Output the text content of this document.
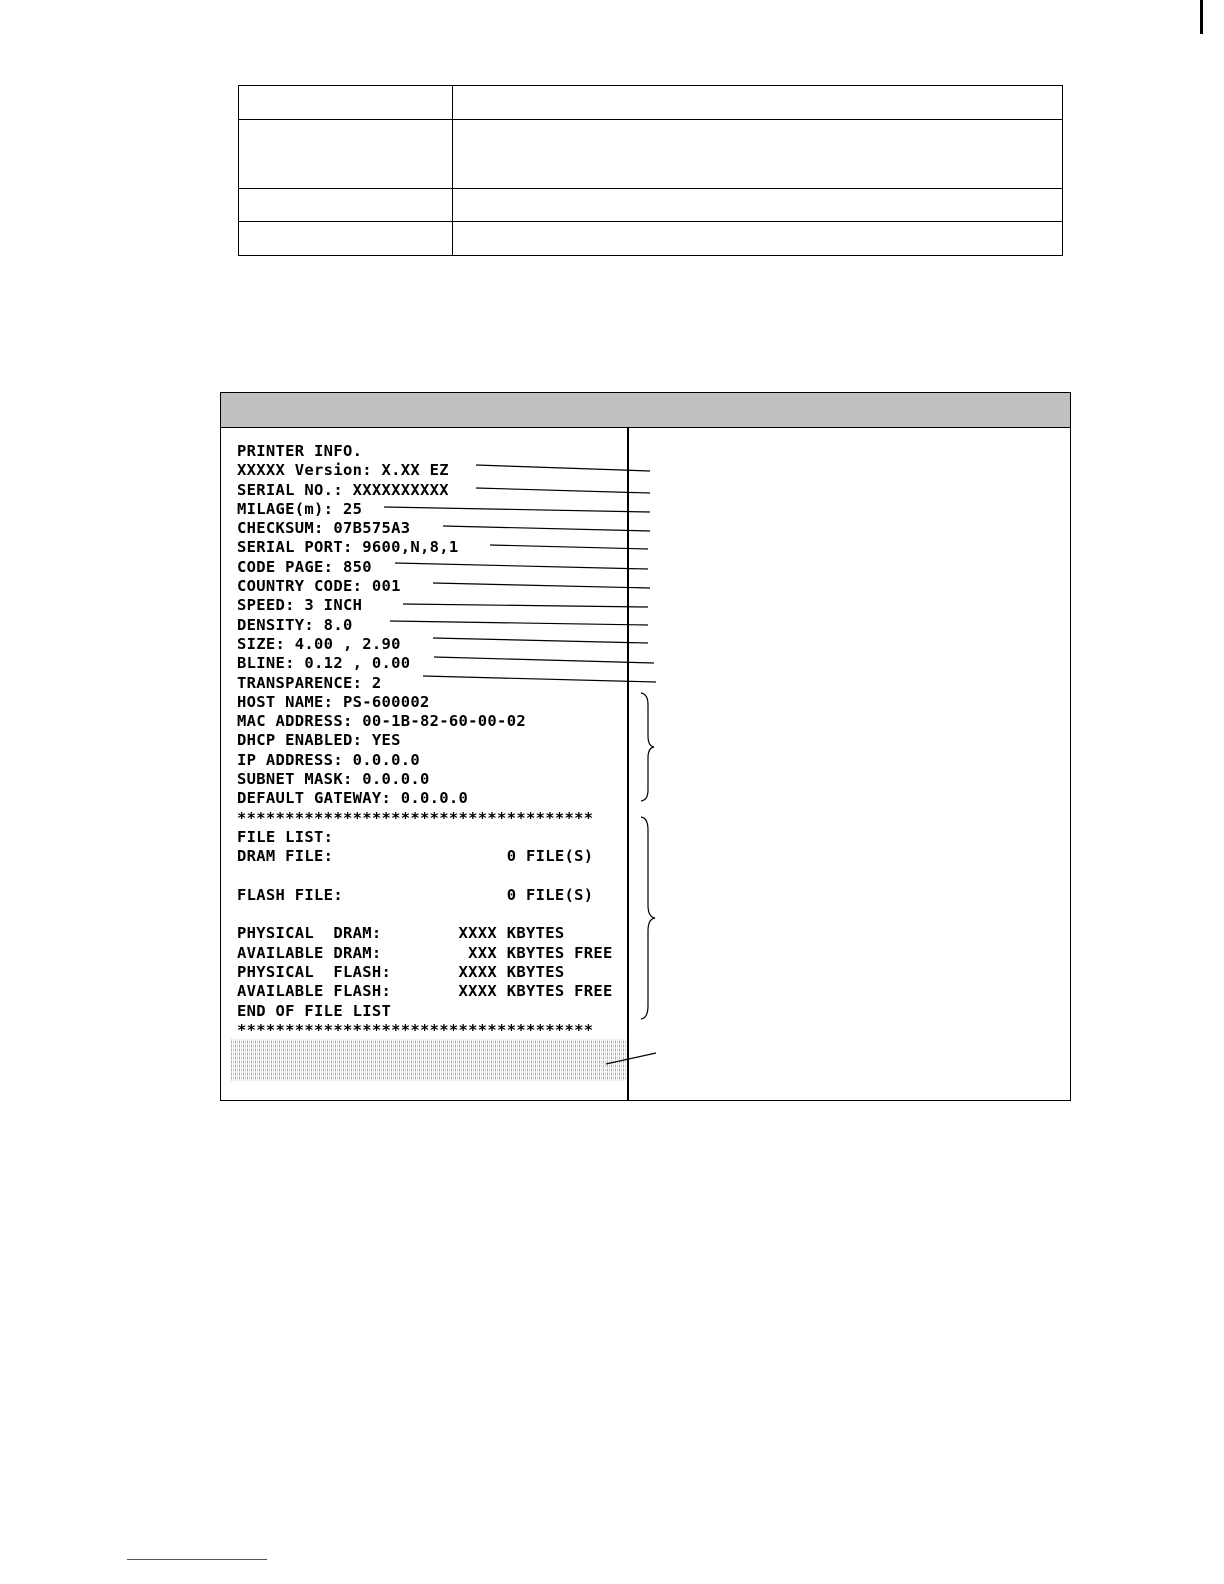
PRINTER INFO.
XXXXX Version: X.XX EZ
SERIAL NO.: XXXXXXXXXX
MILAGE(m): 25
CHECKSUM: 07B575A3
SERIAL PORT: 9600,N,8,1
CODE PAGE: 850
COUNTRY CODE: 001
SPEED: 3 INCH
DENSITY: 8.0
SIZE: 4.00 , 2.90
BLINE: 0.12 , 0.00
TRANSPARENCE: 2
HOST NAME: PS-600002
MAC ADDRESS: 00-1B-82-60-00-02
DHCP ENABLED: YES
IP ADDRESS: 0.0.0.0
SUBNET MASK: 0.0.0.0
DEFAULT GATEWAY: 0.0.0.0
*************************************
FILE LIST:
DRAM FILE:                  0 FILE(S)
FLASH FILE:                 0 FILE(S)
PHYSICAL  DRAM:        XXXX KBYTES
AVAILABLE DRAM:         XXX KBYTES FREE
PHYSICAL  FLASH:       XXXX KBYTES
AVAILABLE FLASH:       XXXX KBYTES FREE
END OF FILE LIST
*************************************
